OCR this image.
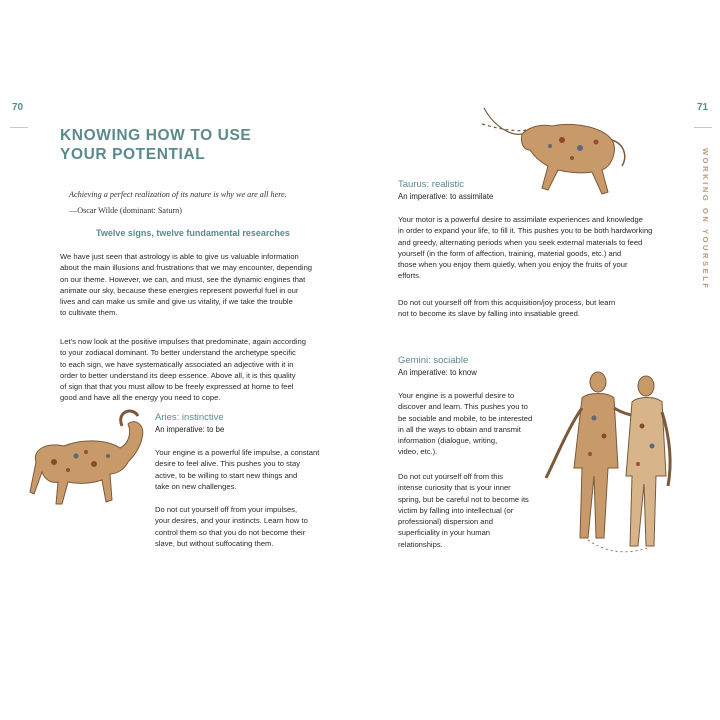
70
KNOWING HOW TO USE
YOUR POTENTIAL
Achieving a perfect realization of its nature is why we are all here.
—Oscar Wilde (dominant: Saturn)
Twelve signs, twelve fundamental researches
We have just seen that astrology is able to give us valuable information
about the main illusions and frustrations that we may encounter, depending
on our theme. However, we can, and must, see the dynamic engines that
animate our sky, because these energies represent powerful fuel in our
lives and can make us smile and give us vitality, if we take the trouble
to cultivate them.
Let’s now look at the positive impulses that predominate, again according
to your zodiacal dominant. To better understand the archetype specific
to each sign, we have systematically associated an adjective with it in
order to better understand its deep essence. Above all, it is this quality
of sign that that you must allow to be freely expressed at home to feel
good and have all the energy you need to cope.
Aries: instinctive
An imperative: to be
Your engine is a powerful life impulse, a constant
desire to feel alive. This pushes you to stay
active, to be willing to start new things and
take on new challenges.
Do not cut yourself off from your impulses,
your desires, and your instincts. Learn how to
control them so that you do not become their
slave, but without suffocating them.
71
WORKING ON YOURSELF
Taurus: realistic
An imperative: to assimilate
Your motor is a powerful desire to assimilate experiences and knowledge
in order to expand your life, to fill it. This pushes you to be both hardworking
and greedy, alternating periods when you seek external materials to feed
yourself (in the form of affection, training, material goods, etc.) and
those when you enjoy them quietly, when you enjoy the fruits of your
efforts.
Do not cut yourself off from this acquisition/joy process, but learn
not to become its slave by falling into insatiable greed.
Gemini: sociable
An imperative: to know
Your engine is a powerful desire to
discover and learn. This pushes you to
be sociable and mobile, to be interested
in all the ways to obtain and transmit
information (dialogue, writing,
video, etc.).
Do not cut yourself off from this
intense curiosity that is your inner
spring, but be careful not to become its
victim by falling into intellectual (or
professional) dispersion and
superficiality in your human
relationships.
